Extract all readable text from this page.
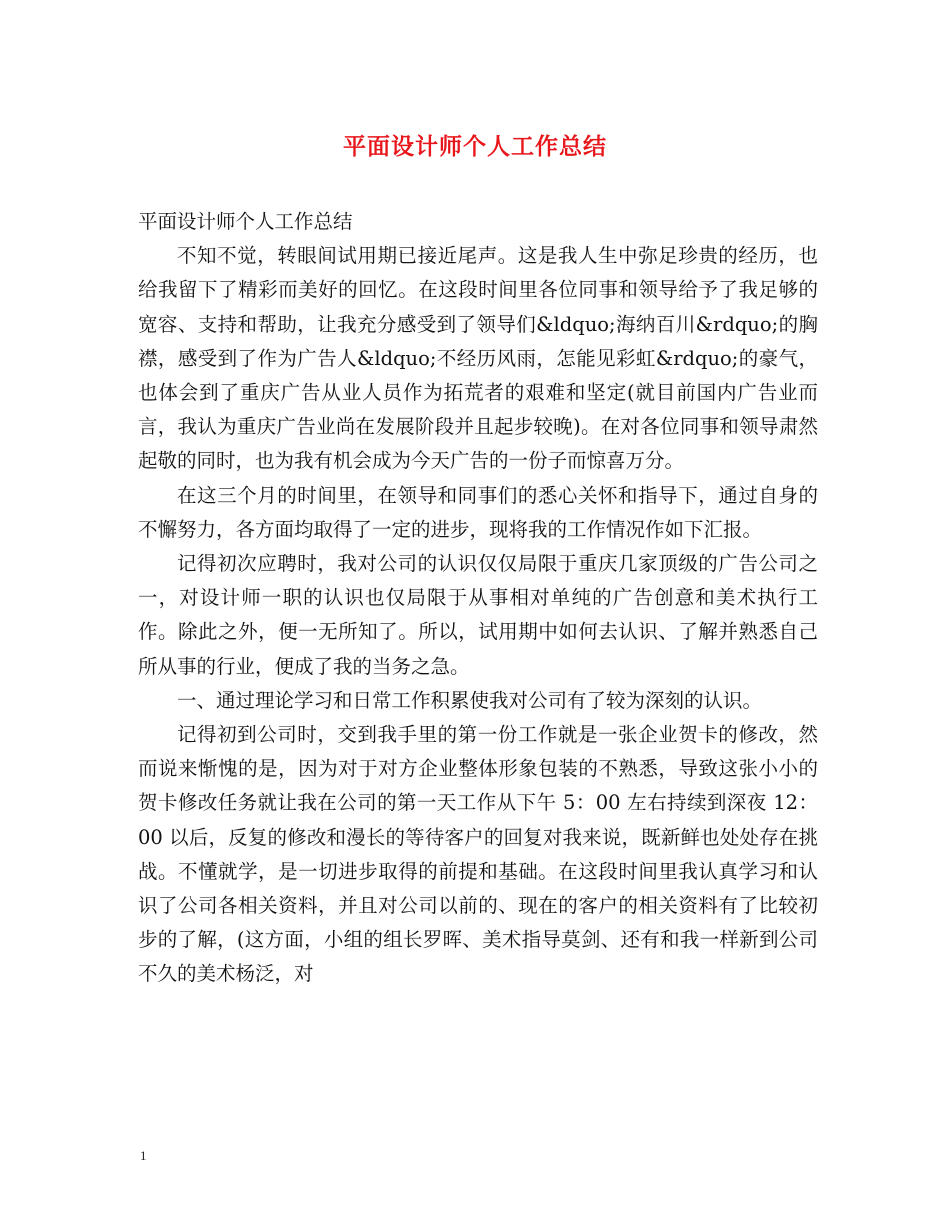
平面设计师个人工作总结

平面设计师个人工作总结

不知不觉，转眼间试用期已接近尾声。这是我人生中弥足珍贵的经历，也给我留下了精彩而美好的回忆。在这段时间里各位同事和领导给予了我足够的宽容、支持和帮助，让我充分感受到了领导们&ldquo;海纳百川&rdquo;的胸襟，感受到了作为广告人&ldquo;不经历风雨，怎能见彩虹&rdquo;的豪气，也体会到了重庆广告从业人员作为拓荒者的艰难和坚定(就目前国内广告业而言，我认为重庆广告业尚在发展阶段并且起步较晚)。在对各位同事和领导肃然起敬的同时，也为我有机会成为今天广告的一份子而惊喜万分。

在这三个月的时间里，在领导和同事们的悉心关怀和指导下，通过自身的不懈努力，各方面均取得了一定的进步，现将我的工作情况作如下汇报。

记得初次应聘时，我对公司的认识仅仅局限于重庆几家顶级的广告公司之一，对设计师一职的认识也仅局限于从事相对单纯的广告创意和美术执行工作。除此之外，便一无所知了。所以，试用期中如何去认识、了解并熟悉自己所从事的行业，便成了我的当务之急。

一、通过理论学习和日常工作积累使我对公司有了较为深刻的认识。

记得初到公司时，交到我手里的第一份工作就是一张企业贺卡的修改，然而说来惭愧的是，因为对于对方企业整体形象包装的不熟悉，导致这张小小的贺卡修改任务就让我在公司的第一天工作从下午 5：00 左右持续到深夜 12：00 以后，反复的修改和漫长的等待客户的回复对我来说，既新鲜也处处存在挑战。不懂就学，是一切进步取得的前提和基础。在这段时间里我认真学习和认识了公司各相关资料，并且对公司以前的、现在的客户的相关资料有了比较初步的了解，(这方面，小组的组长罗晖、美术指导莫剑、还有和我一样新到公司不久的美术杨泛，对

1
